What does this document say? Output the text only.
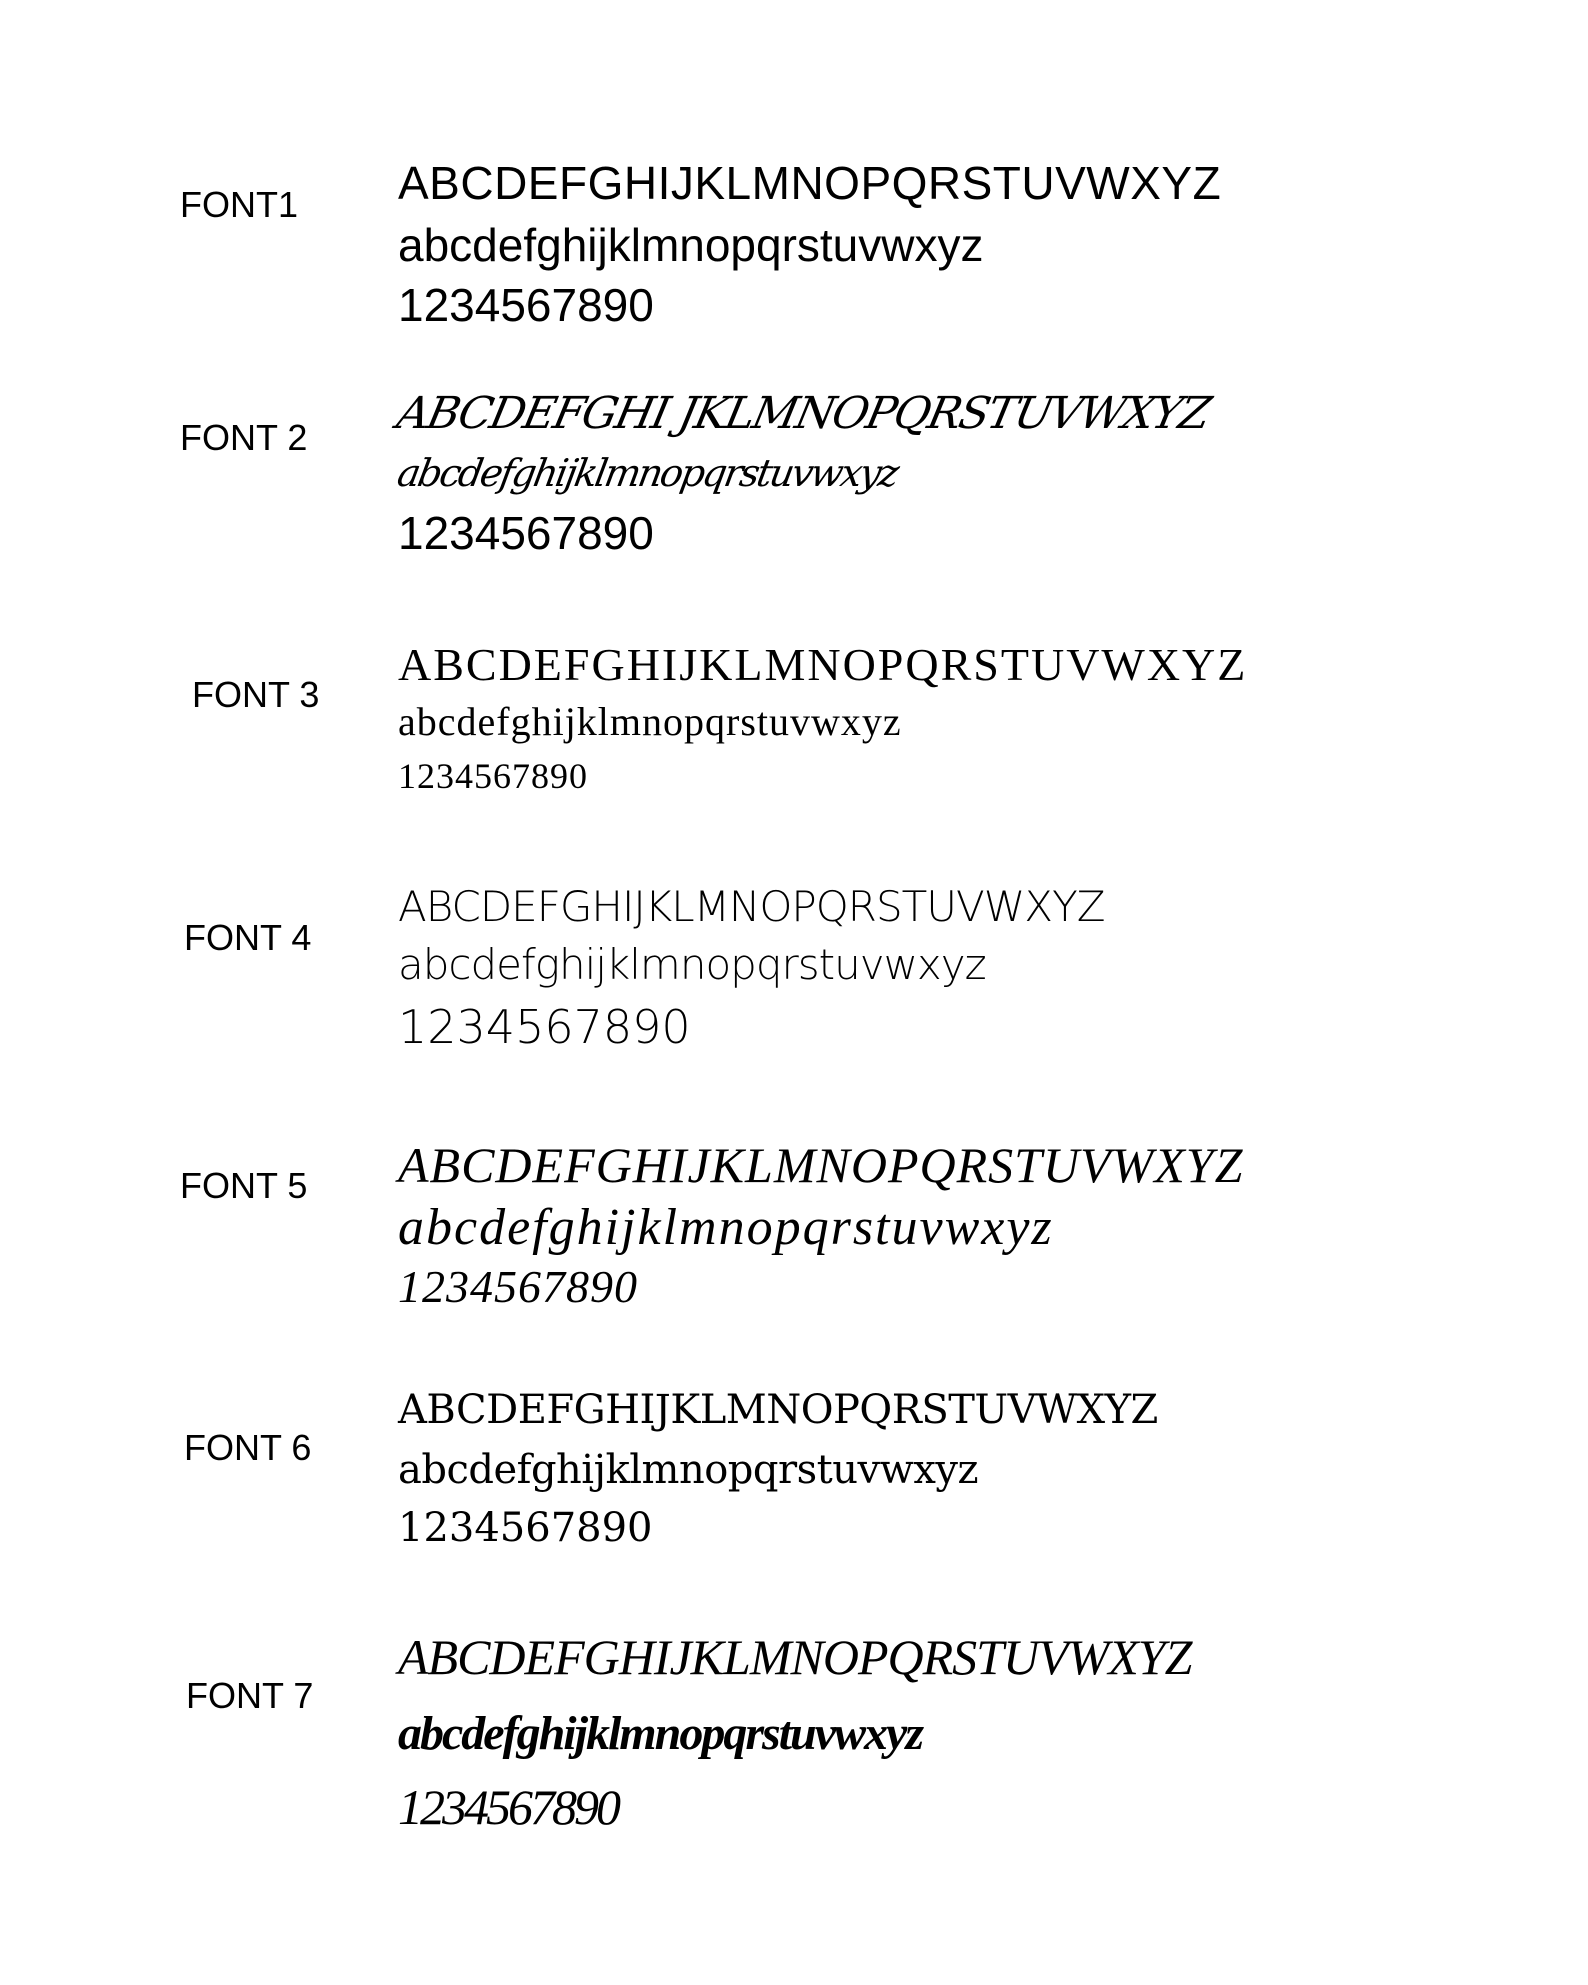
FONT1 ABCDEFGHIJKLMNOPQRSTUVWXYZ
abcdefghijklmnopqrstuvwxyz
1234567890
FONT 2 ABCDEFGHI JKLMNOPQRSTUVWXYZ
abcdefghijklmnopqrstuvwxyz
1234567890
FONT 3
ABCDEFGHIJKLMNOPQRSTUVWXYZ
abcdefghijklmnopqrstuvwxyz
1234567890
FONT 4
ABCDEFGHIJKLMNOPQRSTUVWXYZ
abcdefghijklmnopqrstuvwxyz
1234567890
FONT 5 ABCDEFGHIJKLMNOPQRSTUVWXYZ
abcdefghijklmnopqrstuvwxyz
1234567890
FONT 6
ABCDEFGHIJKLMNOPQRSTUVWXYZ
abcdefghijklmnopqrstuvwxyz
1234567890
FONT 7
ABCDEFGHIJKLMNOPQRSTUVWXYZ
abcdefghijklmnopqrstuvwxyz
1234567890
